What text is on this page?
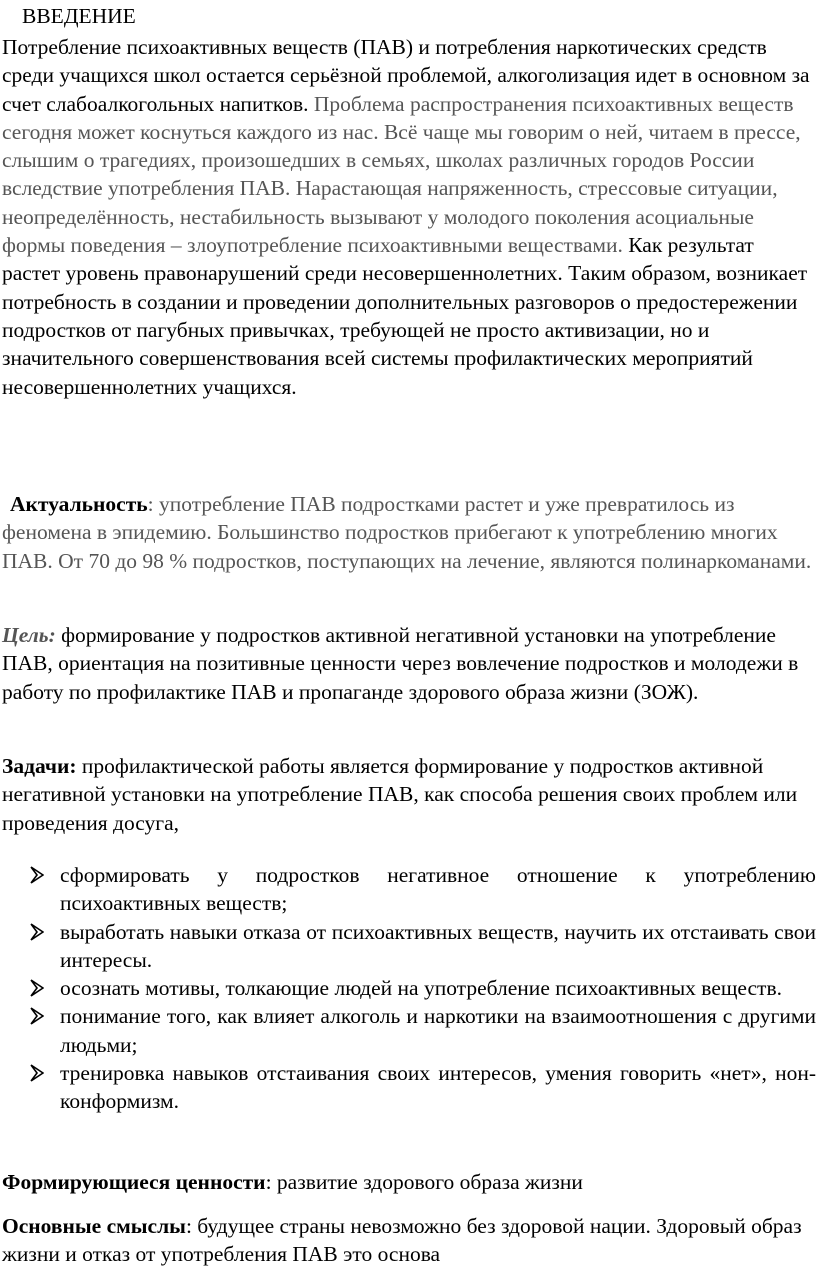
ВВЕДЕНИЕ

Потребление психоактивных веществ (ПАВ) и потребления наркотических средств среди учащихся школ остается серьёзной проблемой, алкоголизация идет в основном за счет слабоалкогольных напитков. Проблема распространения психоактивных веществ сегодня может коснуться каждого из нас. Всё чаще мы говорим о ней, читаем в прессе, слышим о трагедиях, произошедших в семьях, школах различных городов России вследствие употребления ПАВ. Нарастающая напряженность, стрессовые ситуации, неопределённость, нестабильность вызывают у молодого поколения асоциальные формы поведения – злоупотребление психоактивными веществами. Как результат растет уровень правонарушений среди несовершеннолетних. Таким образом, возникает потребность в создании и проведении дополнительных разговоров о предостережении подростков от пагубных привычках, требующей не просто активизации, но и значительного совершенствования всей системы профилактических мероприятий несовершеннолетних учащихся.

Актуальность: употребление ПАВ подростками растет и уже превратилось из феномена в эпидемию. Большинство подростков прибегают к употреблению многих ПАВ. От 70 до 98 % подростков, поступающих на лечение, являются полинаркоманами.

Цель: формирование у подростков активной негативной установки на употребление ПАВ, ориентация на позитивные ценности через вовлечение подростков и молодежи в работу по профилактике ПАВ и пропаганде здорового образа жизни (ЗОЖ).

Задачи: профилактической работы является формирование у подростков активной негативной установки на употребление ПАВ, как способа решения своих проблем или проведения досуга,

сформировать у подростков негативное отношение к употреблению психоактивных веществ;
выработать навыки отказа от психоактивных веществ, научить их отстаивать свои интересы.
осознать мотивы, толкающие людей на употребление психоактивных веществ.
понимание того, как влияет алкоголь и наркотики на взаимоотношения с другими людьми;
тренировка навыков отстаивания своих интересов, умения говорить «нет», нон-конформизм.

Формирующиеся ценности: развитие здорового образа жизни

Основные смыслы: будущее страны невозможно без здоровой нации. Здоровый образ жизни и отказ от употребления ПАВ это основа
